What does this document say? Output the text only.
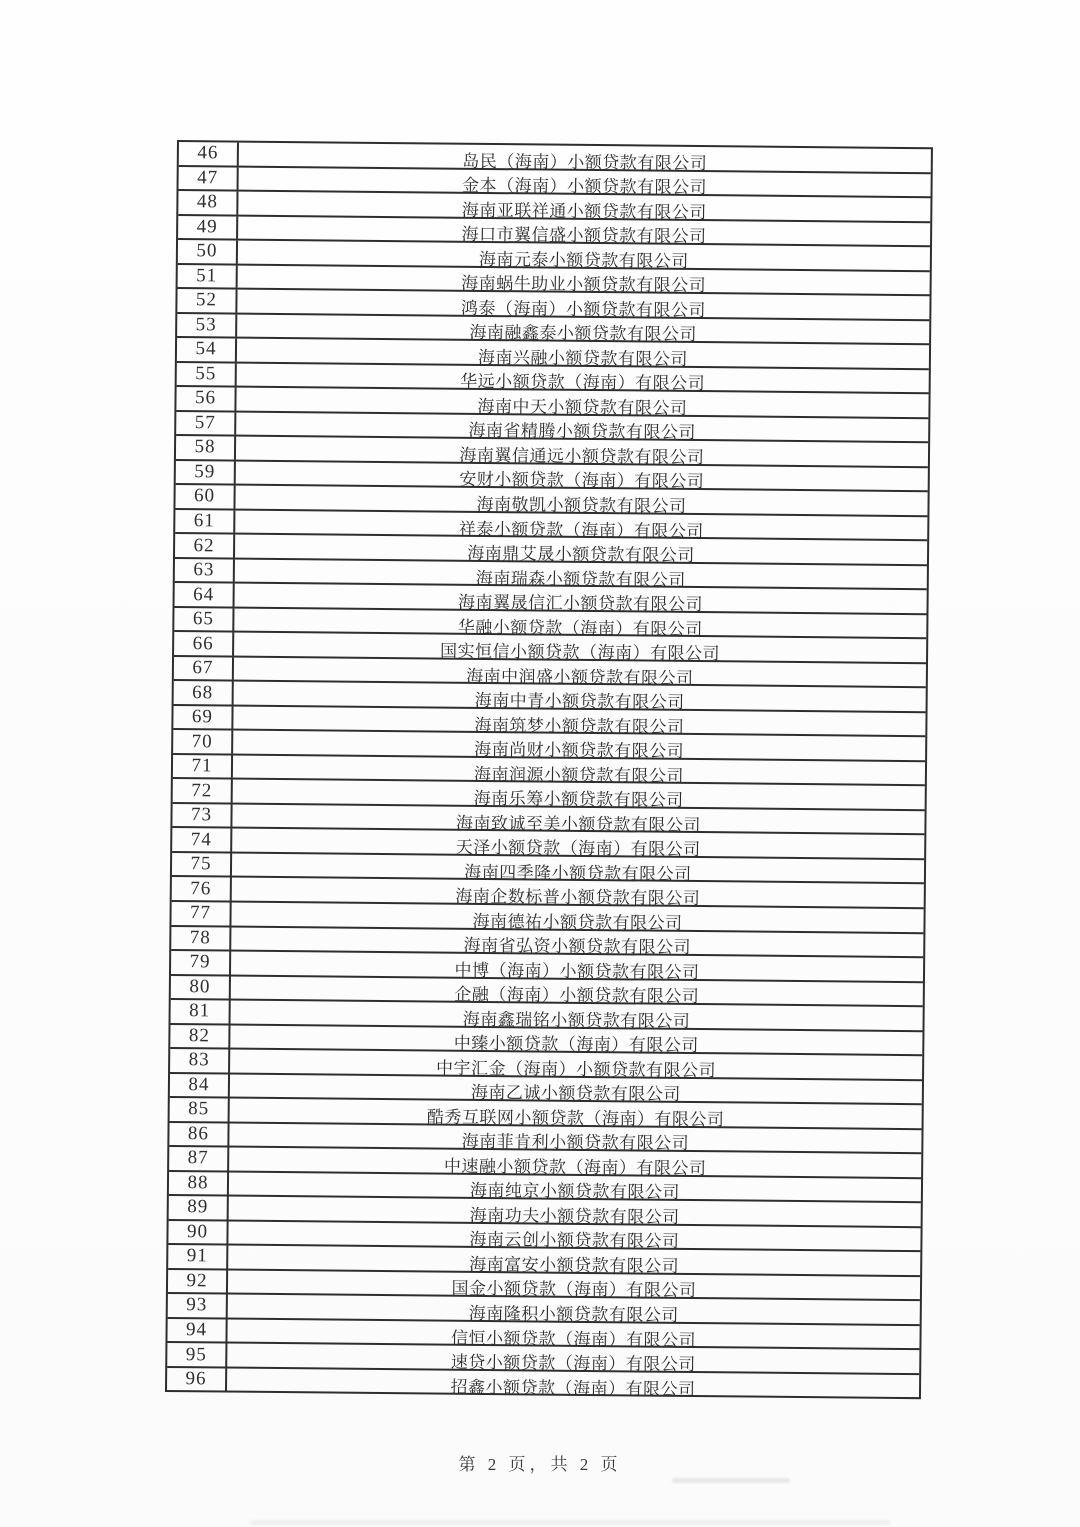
46	岛民（海南）小额贷款有限公司
47	金本（海南）小额贷款有限公司
48	海南亚联祥通小额贷款有限公司
49	海口市翼信盛小额贷款有限公司
50	海南元泰小额贷款有限公司
51	海南蜗牛助业小额贷款有限公司
52	鸿泰（海南）小额贷款有限公司
53	海南融鑫泰小额贷款有限公司
54	海南兴融小额贷款有限公司
55	华远小额贷款（海南）有限公司
56	海南中天小额贷款有限公司
57	海南省精腾小额贷款有限公司
58	海南翼信通远小额贷款有限公司
59	安财小额贷款（海南）有限公司
60	海南敬凯小额贷款有限公司
61	祥泰小额贷款（海南）有限公司
62	海南鼎艾晟小额贷款有限公司
63	海南瑞森小额贷款有限公司
64	海南翼晟信汇小额贷款有限公司
65	华融小额贷款（海南）有限公司
66	国实恒信小额贷款（海南）有限公司
67	海南中润盛小额贷款有限公司
68	海南中青小额贷款有限公司
69	海南筑梦小额贷款有限公司
70	海南尚财小额贷款有限公司
71	海南润源小额贷款有限公司
72	海南乐筹小额贷款有限公司
73	海南致诚至美小额贷款有限公司
74	天泽小额贷款（海南）有限公司
75	海南四季隆小额贷款有限公司
76	海南企数标普小额贷款有限公司
77	海南德祐小额贷款有限公司
78	海南省弘资小额贷款有限公司
79	中博（海南）小额贷款有限公司
80	企融（海南）小额贷款有限公司
81	海南鑫瑞铭小额贷款有限公司
82	中臻小额贷款（海南）有限公司
83	中宇汇金（海南）小额贷款有限公司
84	海南乙诚小额贷款有限公司
85	酷秀互联网小额贷款（海南）有限公司
86	海南菲肯利小额贷款有限公司
87	中速融小额贷款（海南）有限公司
88	海南纯京小额贷款有限公司
89	海南功夫小额贷款有限公司
90	海南云创小额贷款有限公司
91	海南富安小额贷款有限公司
92	国金小额贷款（海南）有限公司
93	海南隆积小额贷款有限公司
94	信恒小额贷款（海南）有限公司
95	速贷小额贷款（海南）有限公司
96	招鑫小额贷款（海南）有限公司
第 2 页，共 2 页
